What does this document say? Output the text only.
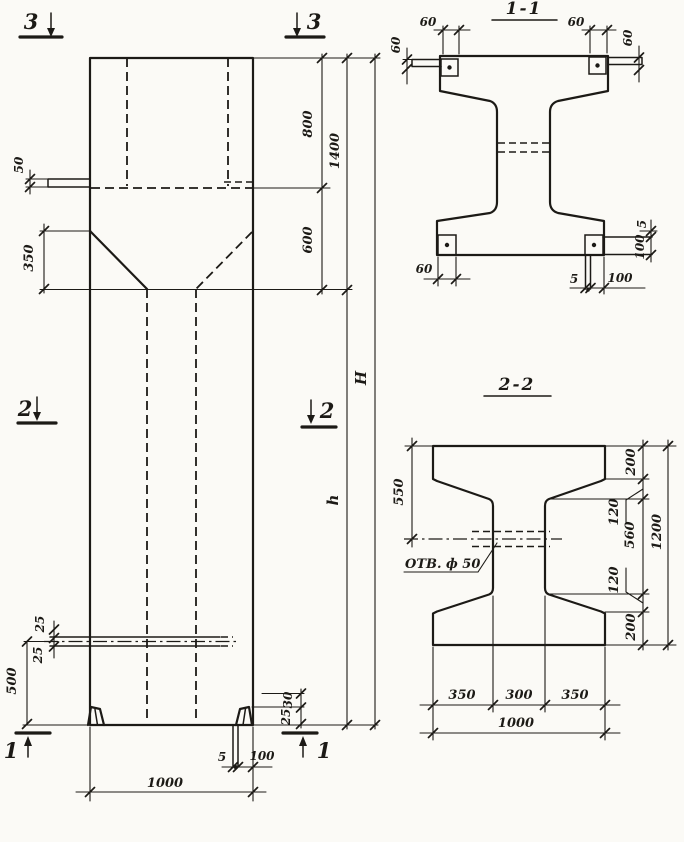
800
600
1400
h
H
50
350
25
25
500
1000
5 100
30
25
3	3
2	2
1	1
1-1
60	60
60	60
60
5 100
5
100
2-2
ОТВ. ф 50
550
200
120
560
120
200
1200
350 300 350
1000
